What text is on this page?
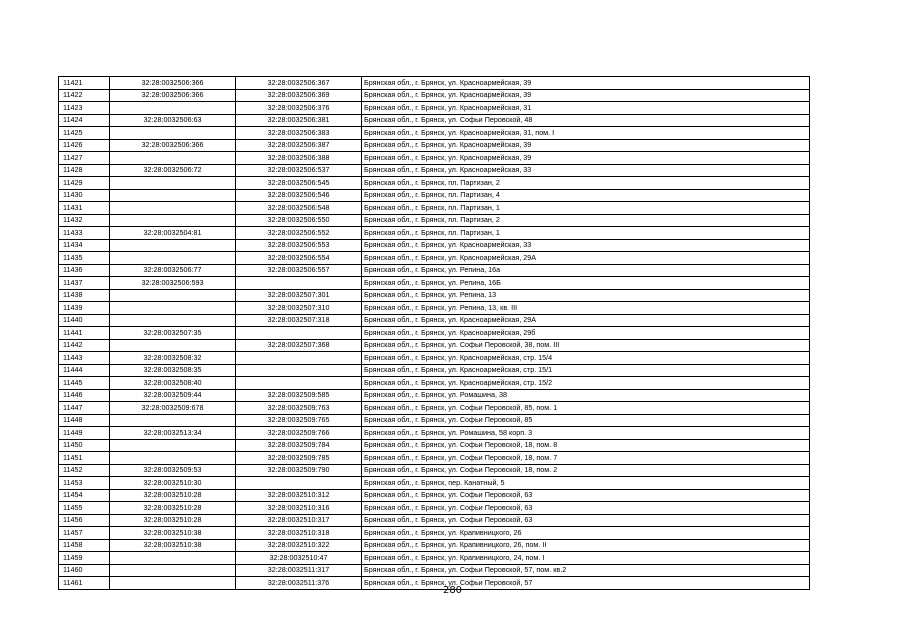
11421	32:28:0032506:366	32:28:0032506:367	Брянская обл., г. Брянск, ул. Красноармейская, 39
11422	32:28:0032506:366	32:28:0032506:369	Брянская обл., г. Брянск, ул. Красноармейская, 39
11423		32:28:0032506:376	Брянская обл., г. Брянск, ул. Красноармейская, 31
11424	32:28:0032506:63	32:28:0032506:381	Брянская обл., г. Брянск, ул. Софьи Перовской, 48
11425		32:28:0032506:383	Брянская обл., г. Брянск, ул. Красноармейская, 31, пом. I
11426	32:28:0032506:366	32:28:0032506:387	Брянская обл., г. Брянск, ул. Красноармейская, 39
11427		32:28:0032506:388	Брянская обл., г. Брянск, ул. Красноармейская, 39
11428	32:28:0032506:72	32:28:0032506:537	Брянская обл., г. Брянск, ул. Красноармейская, 33
11429		32:28:0032506:545	Брянская обл., г. Брянск, пл. Партизан, 2
11430		32:28:0032506:546	Брянская обл., г. Брянск, пл. Партизан, 4
11431		32:28:0032506:548	Брянская обл., г. Брянск, пл. Партизан, 1
11432		32:28:0032506:550	Брянская обл., г. Брянск, пл. Партизан, 2
11433	32:28:0032504:81	32:28:0032506:552	Брянская обл., г. Брянск, пл. Партизан, 1
11434		32:28:0032506:553	Брянская обл., г. Брянск, ул. Красноармейская, 33
11435		32:28:0032506:554	Брянская обл., г. Брянск, ул. Красноармейская, 29А
11436	32:28:0032506:77	32:28:0032506:557	Брянская обл., г. Брянск, ул. Репина, 16а
11437	32:28:0032506:593		Брянская обл., г. Брянск, ул. Репина, 16Б
11438		32:28:0032507:301	Брянская обл., г. Брянск, ул. Репина, 13
11439		32:28:0032507:310	Брянская обл., г. Брянск, ул. Репина, 13, кв. III
11440		32:28:0032507:318	Брянская обл., г. Брянск, ул. Красноармейская, 29А
11441	32:28:0032507:35		Брянская обл., г. Брянск, ул. Красноармейская, 29б
11442		32:28:0032507:368	Брянская обл., г. Брянск, ул. Софьи Перовской, 38, пом. III
11443	32:28:0032508:32		Брянская обл., г. Брянск, ул. Красноармейская, стр. 15/4
11444	32:28:0032508:35		Брянская обл., г. Брянск, ул. Красноармейская, стр. 15/1
11445	32:28:0032508:40		Брянская обл., г. Брянск, ул. Красноармейская, стр. 15/2
11446	32:28:0032509:44	32:28:0032509:585	Брянская обл., г. Брянск, ул. Ромашина, 38
11447	32:28:0032509:678	32:28:0032509:763	Брянская обл., г. Брянск, ул. Софьи Перовской, 85, пом. 1
11448		32:28:0032509:765	Брянская обл., г. Брянск, ул. Софьи Перовской, 85
11449	32:28:0032513:34	32:28:0032509:766	Брянская обл., г. Брянск, ул. Ромашина, 58 корп. 3
11450		32:28:0032509:784	Брянская обл., г. Брянск, ул. Софьи Перовской, 18, пом. 8
11451		32:28:0032509:785	Брянская обл., г. Брянск, ул. Софьи Перовской, 18, пом. 7
11452	32:28:0032509:53	32:28:0032509:790	Брянская обл., г. Брянск, ул. Софьи Перовской, 18, пом. 2
11453	32:28:0032510:30		Брянская обл., г. Брянск, пер. Канатный, 5
11454	32:28:0032510:28	32:28:0032510:312	Брянская обл., г. Брянск, ул. Софьи Перовской, 63
11455	32:28:0032510:28	32:28:0032510:316	Брянская обл., г. Брянск, ул. Софьи Перовской, 63
11456	32:28:0032510:28	32:28:0032510:317	Брянская обл., г. Брянск, ул. Софьи Перовской, 63
11457	32:28:0032510:38	32:28:0032510:318	Брянская обл., г. Брянск, ул. Крапивницкого, 26
11458	32:28:0032510:38	32:28:0032510:322	Брянская обл., г. Брянск, ул. Крапивницкого, 26, пом. II
11459		32:28:0032510:47	Брянская обл., г. Брянск, ул. Крапивницкого, 24, пом. I
11460		32:28:0032511:317	Брянская обл., г. Брянск, ул. Софьи Перовской, 57, пом. кв.2
11461		32:28:0032511:376	Брянская обл., г. Брянск, ул. Софьи Перовской, 57
280
